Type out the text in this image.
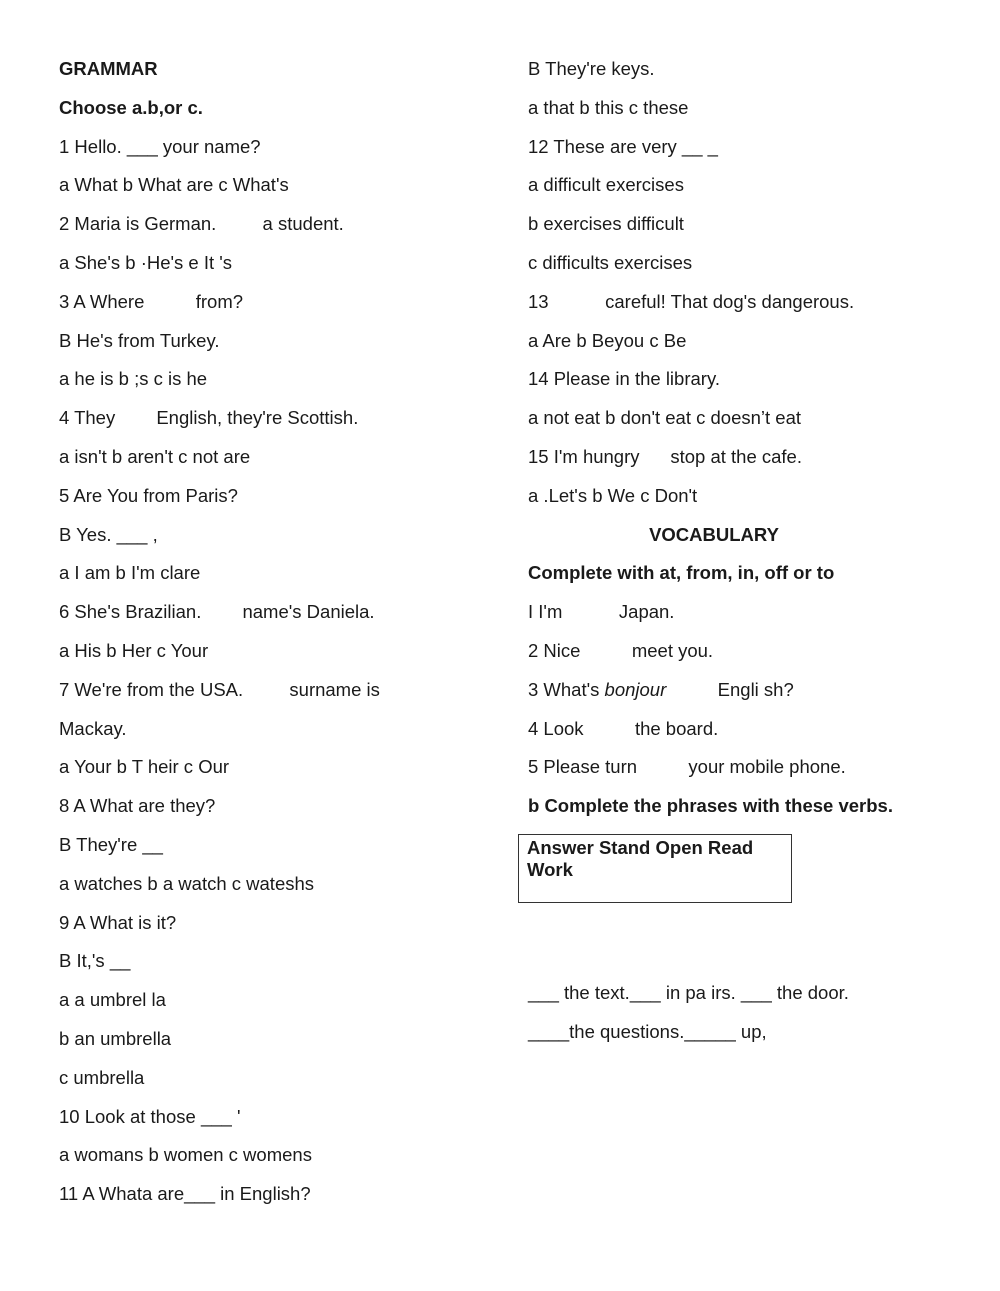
GRAMMAR
Choose a.b,or c.
1 Hello. ___ your name?
a What b What are c What's
2 Maria is German.         a student.
a She's b ·He's e It 's
3 A Where          from?
B He's from Turkey.
a he is b ;s c is he
4 They        English, they're Scottish.
a isn't b aren't c not are
5 Are You from Paris?
B Yes. ___ ,
a I am b I'm clare
6 She's Brazilian.        name's Daniela.
a His b Her c Your
7 We're from the USA.         surname is
Mackay.
a Your b T heir c Our
8 A What are they?
B They're __
a watches b a watch c wateshs
9 A What is it?
B It,'s __
a a umbrel la
b an umbrella
c umbrella
10 Look at those ___ '
a womans b women c womens
11 A Whata are___ in English?
B They're keys.
a that b this c these
12 These are very __ _
a difficult exercises
b exercises difficult
c difficults exercises
13           careful! That dog's dangerous.
a Are b Beyou c Be
14 Please in the library.
a not eat b don't eat c doesn’t eat
15 I'm hungry      stop at the cafe.
a .Let's b We c Don't
VOCABULARY
Complete with at, from, in, off or to
I I'm           Japan.
2 Nice          meet you.
3 What's bonjour          Engli sh?
4 Look          the board.
5 Please turn          your mobile phone.
b Complete the phrases with these verbs.
Answer Stand Open Read Work
___ the text.___ in pa irs. ___ the door.
____the questions._____ up,
